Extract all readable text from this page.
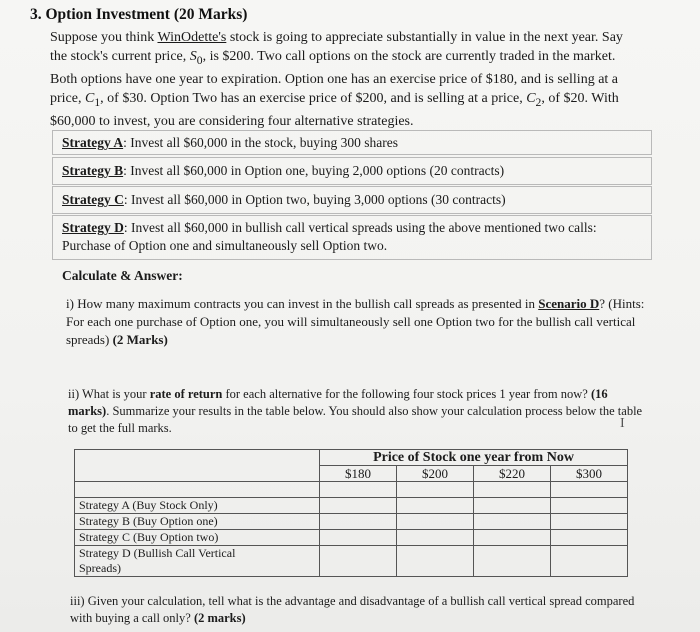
3. Option Investment (20 Marks)
Suppose you think WinOdette's stock is going to appreciate substantially in value in the next year. Say the stock's current price, $S_0$, is $200. Two call options on the stock are currently traded in the market. Both options have one year to expiration. Option one has an exercise price of $180, and is selling at a price, $C_1$, of $30. Option Two has an exercise price of $200, and is selling at a price, $C_2$, of $20. With $60,000 to invest, you are considering four alternative strategies.
Strategy A: Invest all $60,000 in the stock, buying 300 shares
Strategy B: Invest all $60,000 in Option one, buying 2,000 options (20 contracts)
Strategy C: Invest all $60,000 in Option two, buying 3,000 options (30 contracts)
Strategy D: Invest all $60,000 in bullish call vertical spreads using the above mentioned two calls: Purchase of Option one and simultaneously sell Option two.
Calculate & Answer:
i) How many maximum contracts you can invest in the bullish call spreads as presented in Scenario D? (Hints: For each one purchase of Option one, you will simultaneously sell one Option two for the bullish call vertical spreads) (2 Marks)
ii) What is your rate of return for each alternative for the following four stock prices 1 year from now? (16 marks). Summarize your results in the table below. You should also show your calculation process below the table to get the full marks.	I
	Price of Stock one year from Now			
	$180	$200	$220	$300

Strategy A (Buy Stock Only)				
Strategy B (Buy Option one)				
Strategy C (Buy Option two)				
Strategy D (Bullish Call Vertical
Spreads)				
iii) Given your calculation, tell what is the advantage and disadvantage of a bullish call vertical spread compared with buying a call only? (2 marks)
